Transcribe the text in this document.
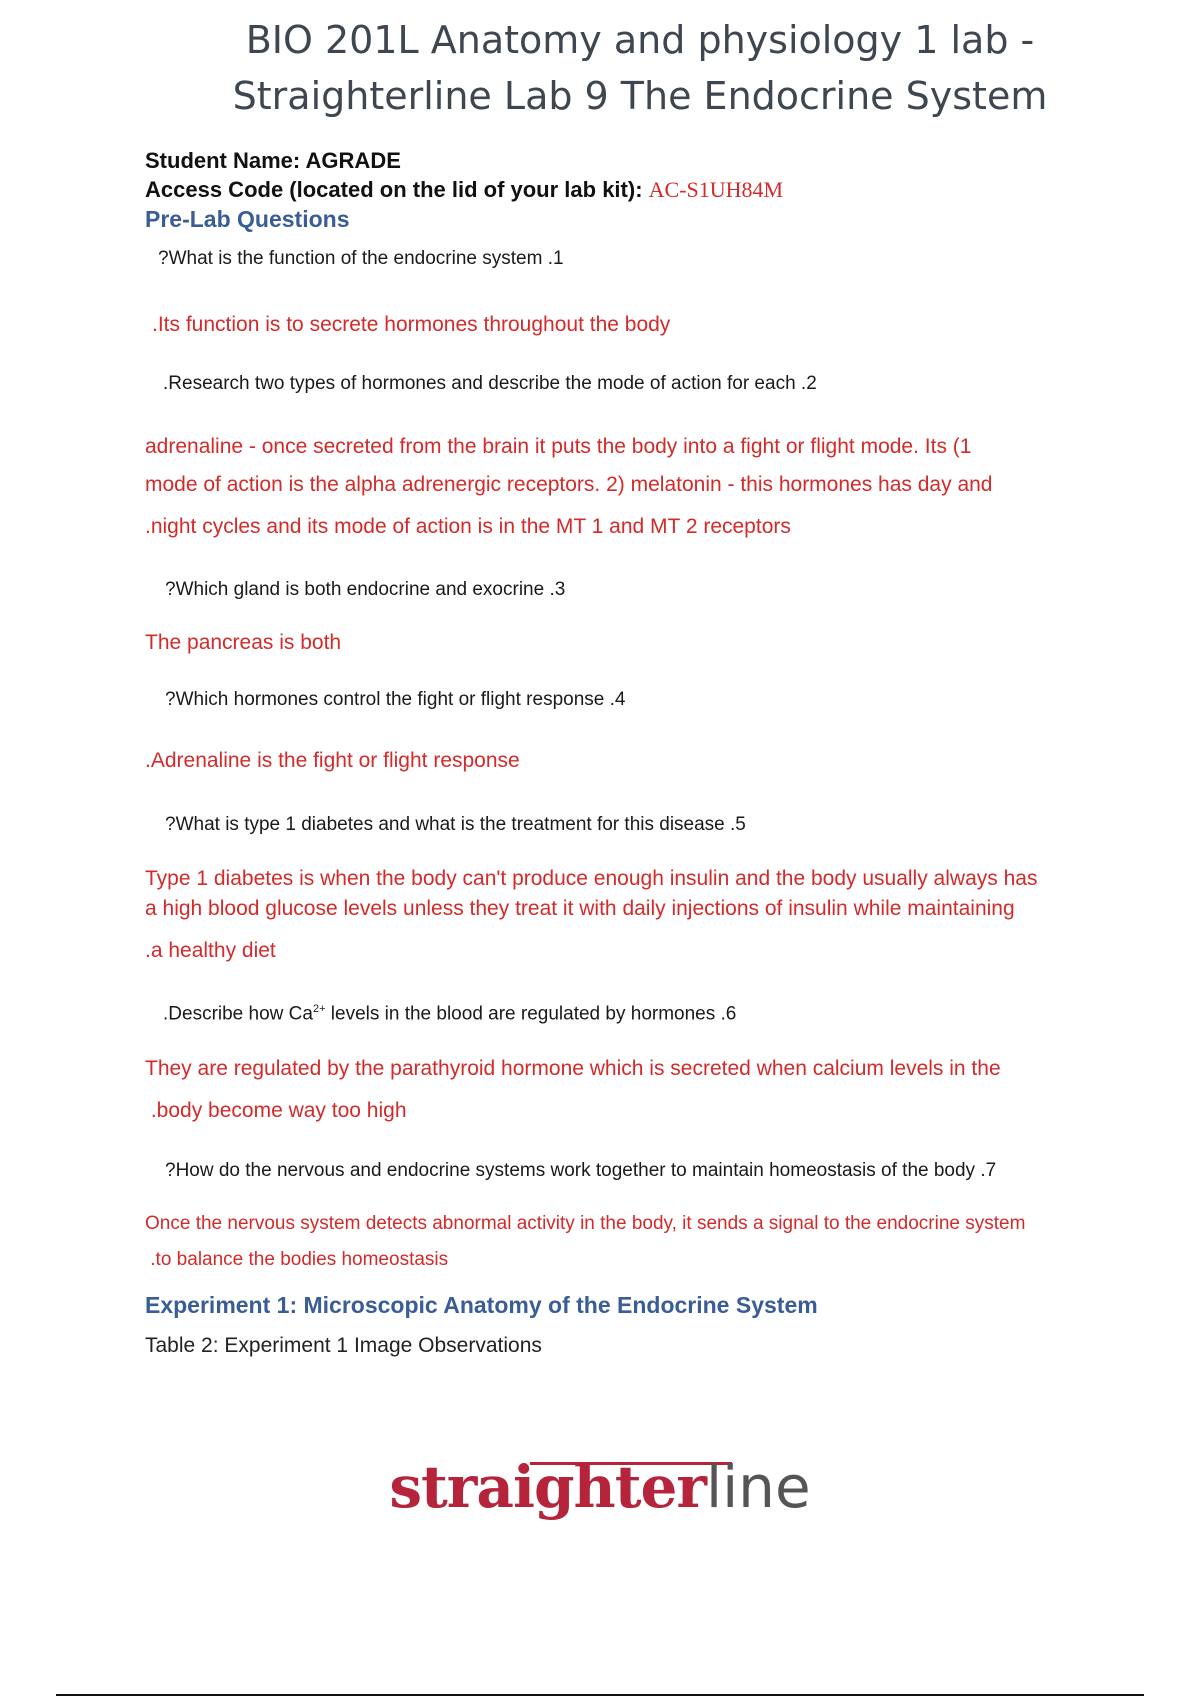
BIO 201L Anatomy and physiology 1 lab -
Straighterline Lab 9 The Endocrine System
Student Name: AGRADE
Access Code (located on the lid of your lab kit): AC-S1UH84M
Pre-Lab Questions
?What is the function of the endocrine system .1
.Its function is to secrete hormones throughout the body
.Research two types of hormones and describe the mode of action for each .2
adrenaline - once secreted from the brain it puts the body into a fight or flight mode. Its (1
mode of action is the alpha adrenergic receptors. 2) melatonin - this hormones has day and
.night cycles and its mode of action is in the MT 1 and MT 2 receptors
?Which gland is both endocrine and exocrine .3
The pancreas is both
?Which hormones control the fight or flight response .4
.Adrenaline is the fight or flight response
?What is type 1 diabetes and what is the treatment for this disease .5
Type 1 diabetes is when the body can't produce enough insulin and the body usually always has
a high blood glucose levels unless they treat it with daily injections of insulin while maintaining
.a healthy diet
.Describe how $Ca^{2+}$ levels in the blood are regulated by hormones .6
They are regulated by the parathyroid hormone which is secreted when calcium levels in the
.body become way too high
?How do the nervous and endocrine systems work together to maintain homeostasis of the body .7
Once the nervous system detects abnormal activity in the body, it sends a signal to the endocrine system
.to balance the bodies homeostasis
Experiment 1: Microscopic Anatomy of the Endocrine System
Table 2: Experiment 1 Image Observations
straighterline
